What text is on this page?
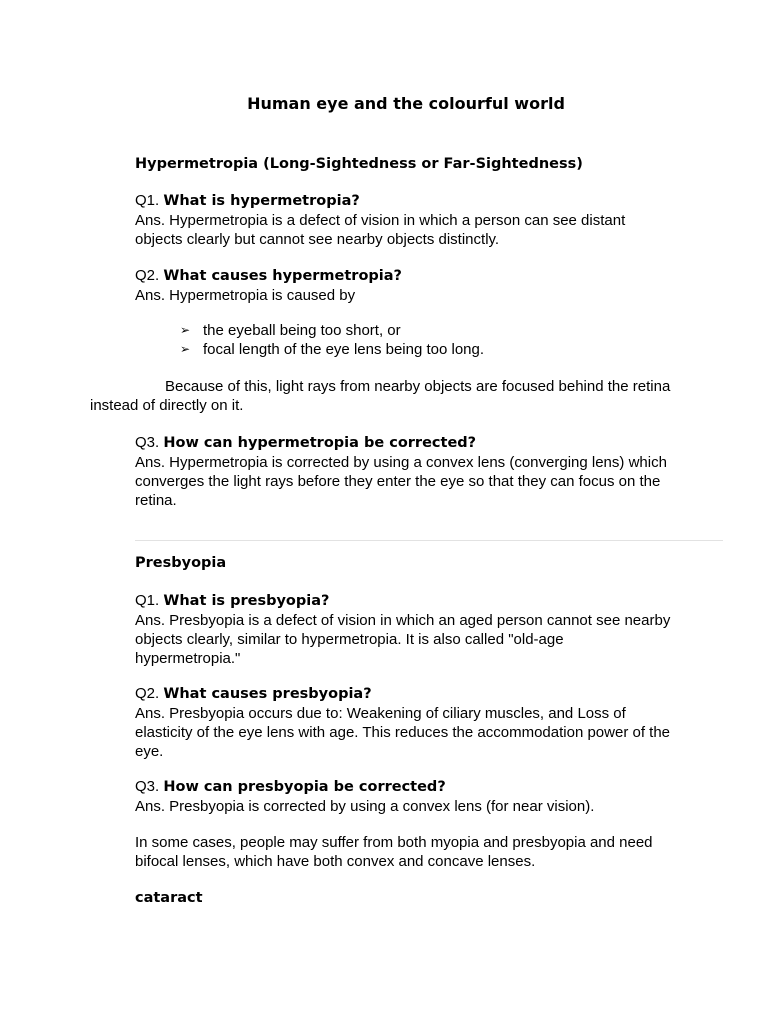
Human eye and the colourful world

Hypermetropia (Long-Sightedness or Far-Sightedness)

Q1. What is hypermetropia?

Ans. Hypermetropia is a defect of vision in which a person can see distant

objects clearly but cannot see nearby objects distinctly.

Q2. What causes hypermetropia?

Ans. Hypermetropia is caused by

➢ the eyeball being too short, or
➢ focal length of the eye lens being too long.

Because of this, light rays from nearby objects are focused behind the retina
instead of directly on it.

Q3. How can hypermetropia be corrected?

Ans. Hypermetropia is corrected by using a convex lens (converging lens) which

converges the light rays before they enter the eye so that they can focus on the

retina.

Presbyopia

Q1. What is presbyopia?

Ans. Presbyopia is a defect of vision in which an aged person cannot see nearby

objects clearly, similar to hypermetropia. It is also called "old-age

hypermetropia."

Q2. What causes presbyopia?

Ans. Presbyopia occurs due to: Weakening of ciliary muscles, and Loss of

elasticity of the eye lens with age. This reduces the accommodation power of the

eye.

Q3. How can presbyopia be corrected?

Ans. Presbyopia is corrected by using a convex lens (for near vision).

In some cases, people may suffer from both myopia and presbyopia and need

bifocal lenses, which have both convex and concave lenses.

cataract
